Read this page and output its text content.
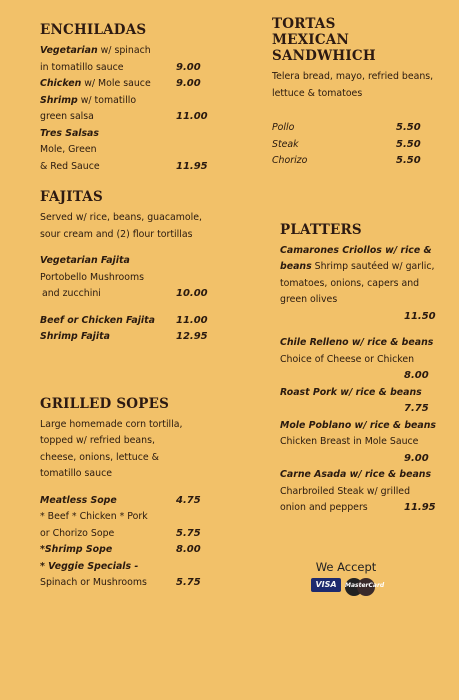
ENCHILADAS
Vegetarian w/ spinach
in tomatillo sauce	9.00
Chicken w/ Mole sauce	9.00
Shrimp w/ tomatillo
green salsa	11.00
Tres Salsas
Mole, Green
& Red Sauce	11.95
FAJITAS
Served w/ rice, beans, guacamole,
sour cream and (2) flour tortillas
Vegetarian Fajita
Portobello Mushrooms
and zucchini	10.00
Beef or Chicken Fajita 11.00
Shrimp Fajita	12.95
GRILLED SOPES
Large homemade corn tortilla,
topped w/ refried beans,
cheese, onions, lettuce &
tomatillo sauce
Meatless Sope	4.75
* Beef * Chicken * Pork
or Chorizo Sope	5.75
*Shrimp Sope	8.00
* Veggie Specials -
Spinach or Mushrooms	5.75
TORTAS
MEXICAN SANDWHICH
Telera bread, mayo, refried beans,
lettuce & tomatoes
Pollo	5.50
Steak	5.50
Chorizo	5.50
PLATTERS
Camarones Criollos w/ rice &
beans Shrimp sautéed w/ garlic,
tomatoes, onions, capers and
green olives
11.50
Chile Relleno w/ rice & beans
Choice of Cheese or Chicken
8.00
Roast Pork w/ rice & beans
7.75
Mole Poblano w/ rice & beans
Chicken Breast in Mole Sauce
9.00
Carne Asada w/ rice & beans
Charbroiled Steak w/ grilled
onion and peppers	11.95
We Accept
VISA	MasterCard
